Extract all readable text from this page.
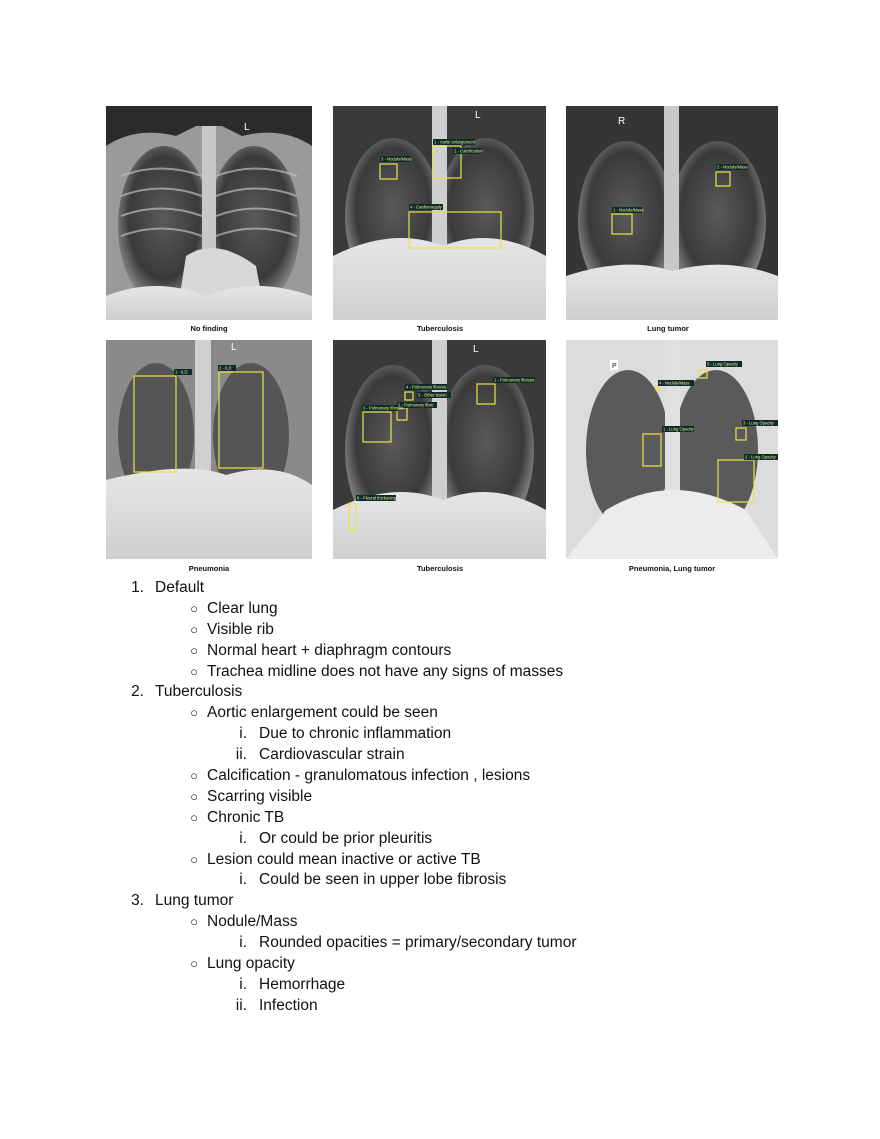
L
No finding
L
1 - Aortic enlargement
2 - Calcification
3 - Nodule/Mass
4 - Cardiomegaly
Tuberculosis
R
1 - Nodule/Mass
2 - Nodule/Mass
Lung tumor
L
1 - ILD
2 - ILD
Pneumonia
L
1 - Pulmonary fibrosis
2 - Pulmonary fibro
3 - Pulmonary fibrosis
4 - Pulmonary fibrosis
5 - Other lesion
6 - Pleural thickening
Tuberculosis
P
1 - Lung Opacity
2 - Lung Opacity
3 - Lung Opacity
4 - Nodule/Mass
5 - Lung Opacity
Pneumonia, Lung tumor
1. Default
○ Clear lung
○ Visible rib
○ Normal heart + diaphragm contours
○ Trachea midline does not have any signs of masses
2. Tuberculosis
○ Aortic enlargement could be seen
i. Due to chronic inflammation
ii. Cardiovascular strain
○ Calcification - granulomatous infection , lesions
○ Scarring visible
○ Chronic TB
i. Or could be prior pleuritis
○ Lesion could mean inactive or active TB
i. Could be seen in upper lobe fibrosis
3. Lung tumor
○ Nodule/Mass
i. Rounded opacities = primary/secondary tumor
○ Lung opacity
i. Hemorrhage
ii. Infection
